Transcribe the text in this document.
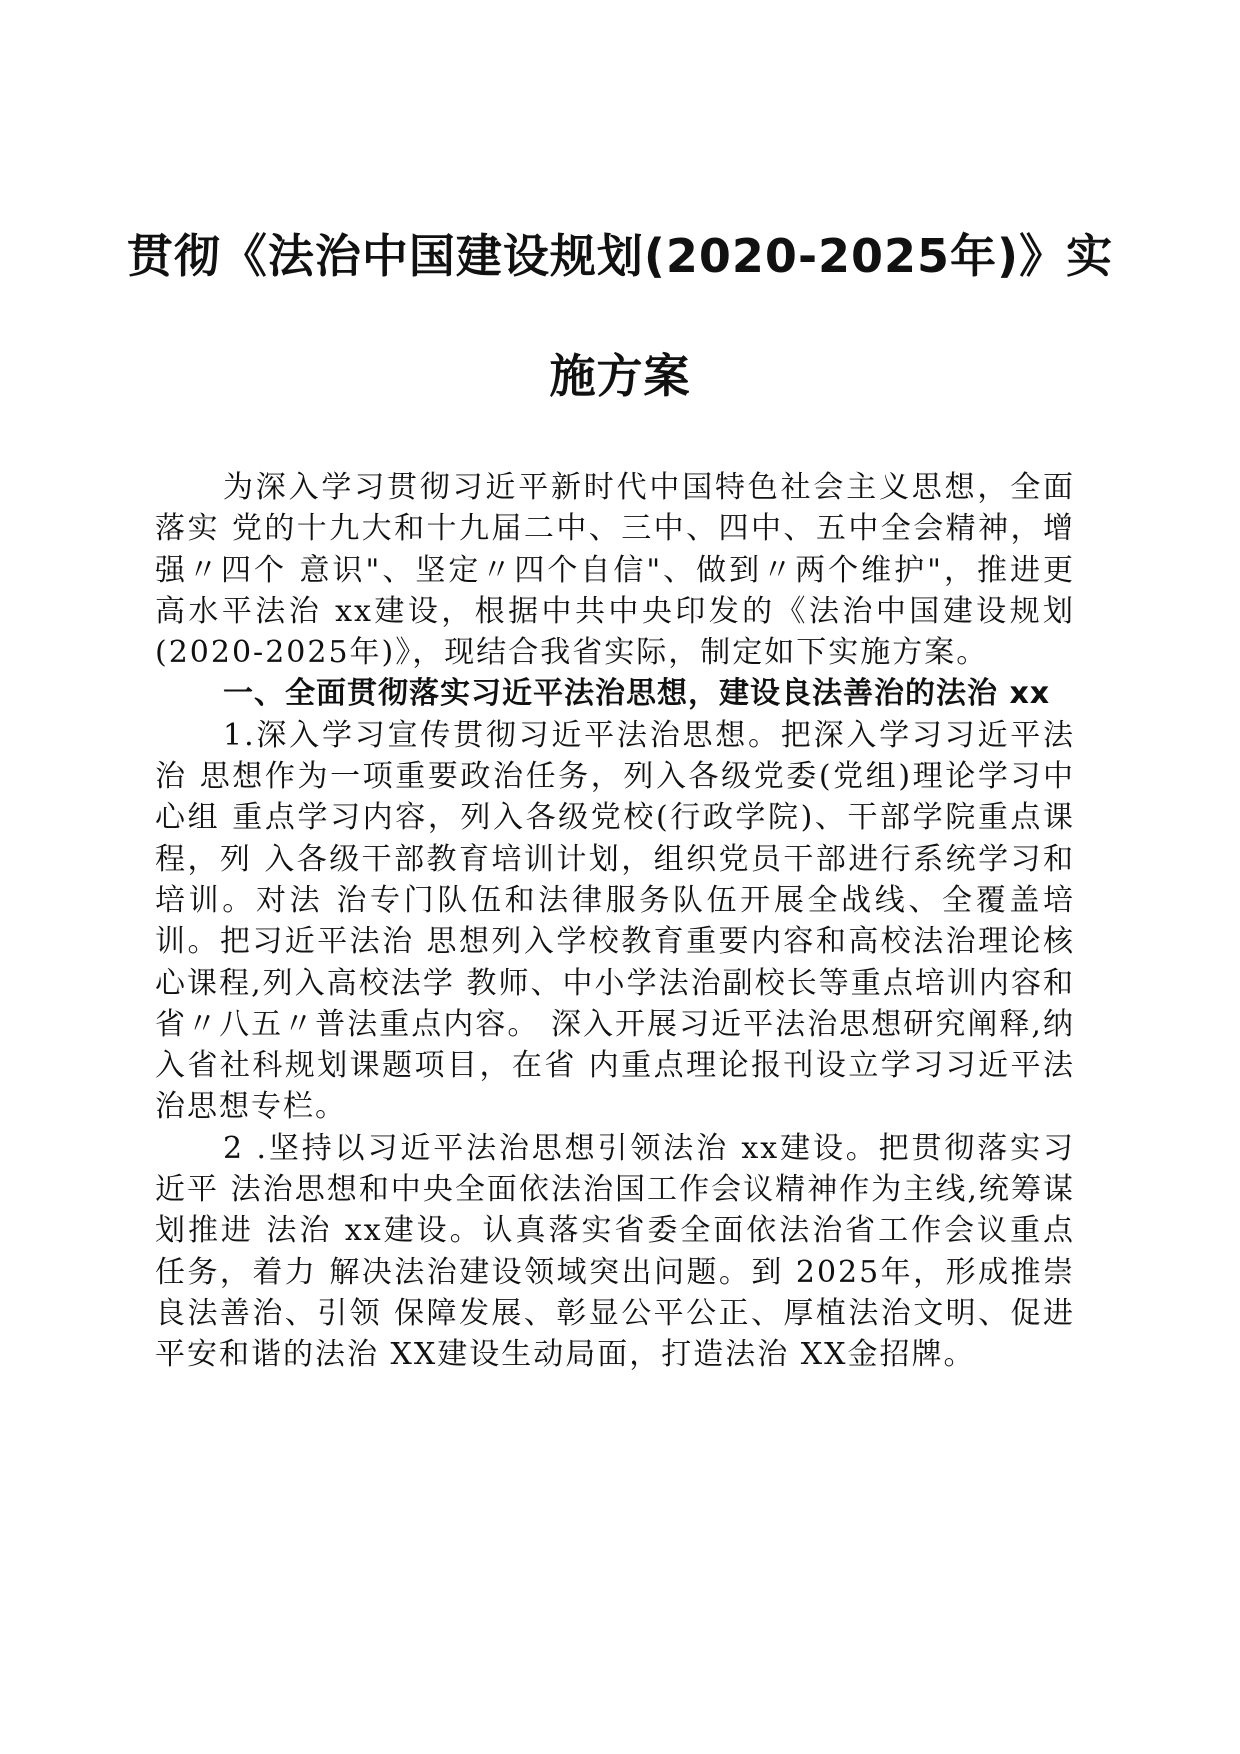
贯彻《法治中国建设规划(2020-2025年)》实
施方案

为深入学习贯彻习近平新时代中国特色社会主义思想，全面落实 党的十九大和十九届二中、三中、四中、五中全会精神，增强〃四个 意识"、坚定〃四个自信"、做到〃两个维护"，推进更高水平法治 xx建设，根据中共中央印发的《法治中国建设规划(2020-2025年)》，现结合我省实际，制定如下实施方案。

一、全面贯彻落实习近平法治思想，建设良法善治的法治 xx

1.深入学习宣传贯彻习近平法治思想。把深入学习习近平法治 思想作为一项重要政治任务，列入各级党委(党组)理论学习中心组 重点学习内容，列入各级党校(行政学院)、干部学院重点课程，列 入各级干部教育培训计划，组织党员干部进行系统学习和培训。对法 治专门队伍和法律服务队伍开展全战线、全覆盖培训。把习近平法治 思想列入学校教育重要内容和高校法治理论核心课程,列入高校法学 教师、中小学法治副校长等重点培训内容和省〃八五〃普法重点内容。 深入开展习近平法治思想研究阐释,纳入省社科规划课题项目，在省 内重点理论报刊设立学习习近平法治思想专栏。

2 .坚持以习近平法治思想引领法治 xx建设。把贯彻落实习近平 法治思想和中央全面依法治国工作会议精神作为主线,统筹谋划推进 法治 xx建设。认真落实省委全面依法治省工作会议重点任务，着力 解决法治建设领域突出问题。到 2025年，形成推崇良法善治、引领 保障发展、彰显公平公正、厚植法治文明、促进平安和谐的法治 XX建设生动局面，打造法治 XX金招牌。
